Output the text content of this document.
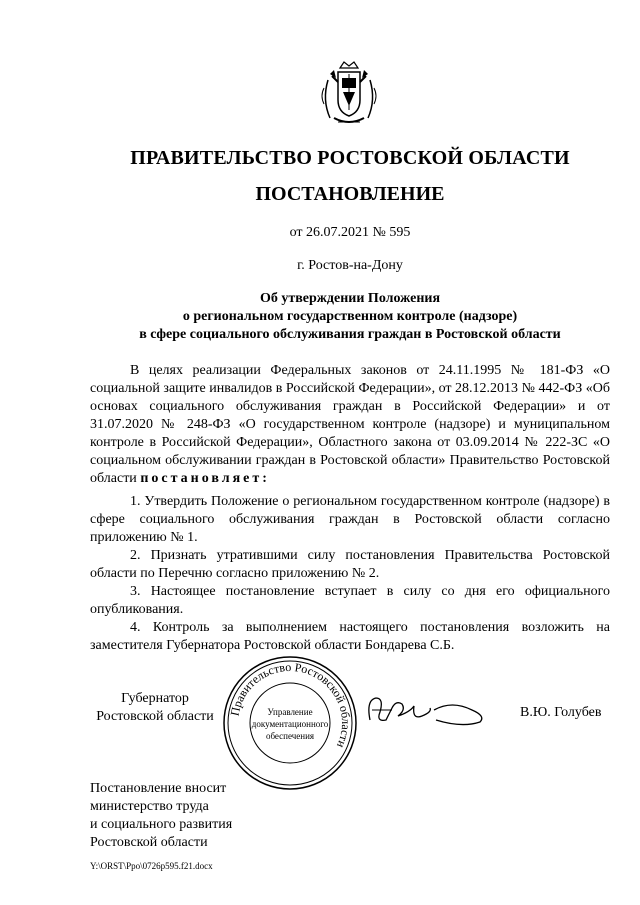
ПРАВИТЕЛЬСТВО РОСТОВСКОЙ ОБЛАСТИ
ПОСТАНОВЛЕНИЕ
от 26.07.2021 № 595
г. Ростов-на-Дону
Об утверждении Положения
о региональном государственном контроле (надзоре)
в сфере социального обслуживания граждан в Ростовской области
В целях реализации Федеральных законов от 24.11.1995 № 181-ФЗ «О социальной защите инвалидов в Российской Федерации», от 28.12.2013 № 442-ФЗ «Об основах социального обслуживания граждан в Российской Федерации» и от 31.07.2020 № 248-ФЗ «О государственном контроле (надзоре) и муниципальном контроле в Российской Федерации», Областного закона от 03.09.2014 № 222-ЗС «О социальном обслуживании граждан в Ростовской области» Правительство Ростовской области постановляет:

1. Утвердить Положение о региональном государственном контроле (надзоре) в сфере социального обслуживания граждан в Ростовской области согласно приложению № 1.

2. Признать утратившими силу постановления Правительства Ростовской области по Перечню согласно приложению № 2.

3. Настоящее постановление вступает в силу со дня его официального опубликования.

4. Контроль за выполнением настоящего постановления возложить на заместителя Губернатора Ростовской области Бондарева С.Б.

Губернатор
Ростовской области	Правительство Ростовской области
Управление
документационного
обеспечения
В.Ю. Голубев
Постановление вносит
министерство труда
и социального развития
Ростовской области
Y:\ORST\Ppo\0726p595.f21.docx
